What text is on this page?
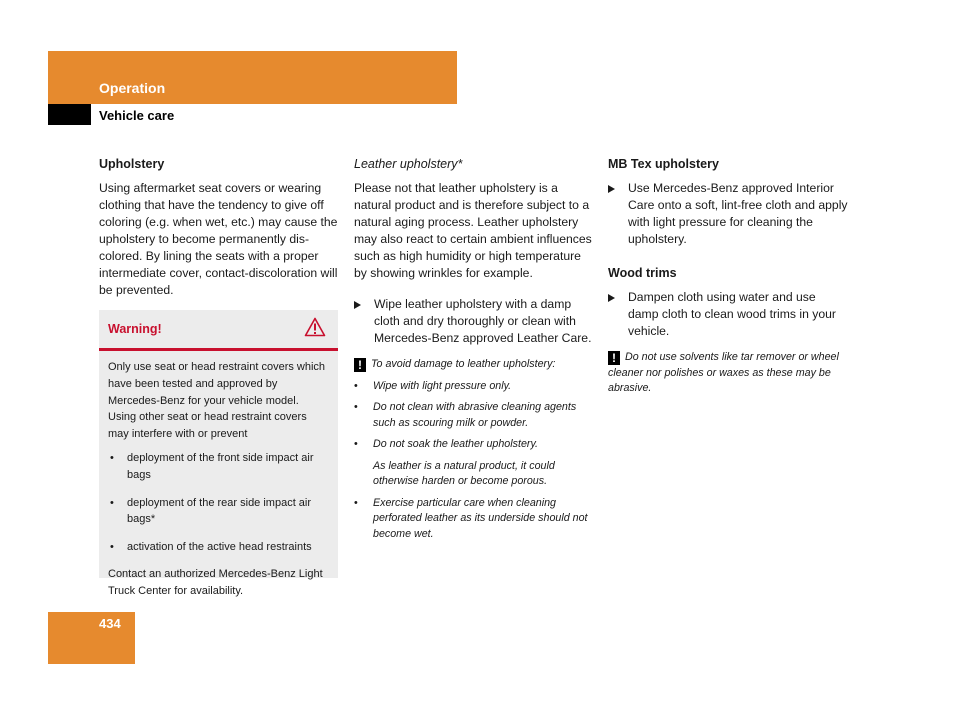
Operation
Vehicle care
Upholstery

Using aftermarket seat covers or wearing clothing that have the tendency to give off coloring (e.g. when wet, etc.) may cause the upholstery to become permanently dis-colored. By lining the seats with a proper intermediate cover, contact-discoloration will be prevented.

Warning!

Only use seat or head restraint covers which have been tested and approved by Mercedes-Benz for your vehicle model. Using other seat or head restraint covers may interfere with or prevent

• deployment of the front side impact air bags
• deployment of the rear side impact air bags*
• activation of the active head restraints

Contact an authorized Mercedes-Benz Light Truck Center for availability.

Leather upholstery*

Please not that leather upholstery is a natural product and is therefore subject to a natural aging process. Leather upholstery may also react to certain ambient influences such as high humidity or high temperature by showing wrinkles for example.

Wipe leather upholstery with a damp cloth and dry thoroughly or clean with Mercedes-Benz approved Leather Care.
! To avoid damage to leather upholstery:
• Wipe with light pressure only.
• Do not clean with abrasive cleaning agents such as scouring milk or powder.
• Do not soak the leather upholstery.
As leather is a natural product, it could otherwise harden or become porous.
• Exercise particular care when cleaning perforated leather as its underside should not become wet.
MB Tex upholstery
Use Mercedes-Benz approved Interior Care onto a soft, lint-free cloth and apply with light pressure for cleaning the upholstery.
Wood trims
Dampen cloth using water and use damp cloth to clean wood trims in your vehicle.
! Do not use solvents like tar remover or wheel cleaner nor polishes or waxes as these may be abrasive.
434
